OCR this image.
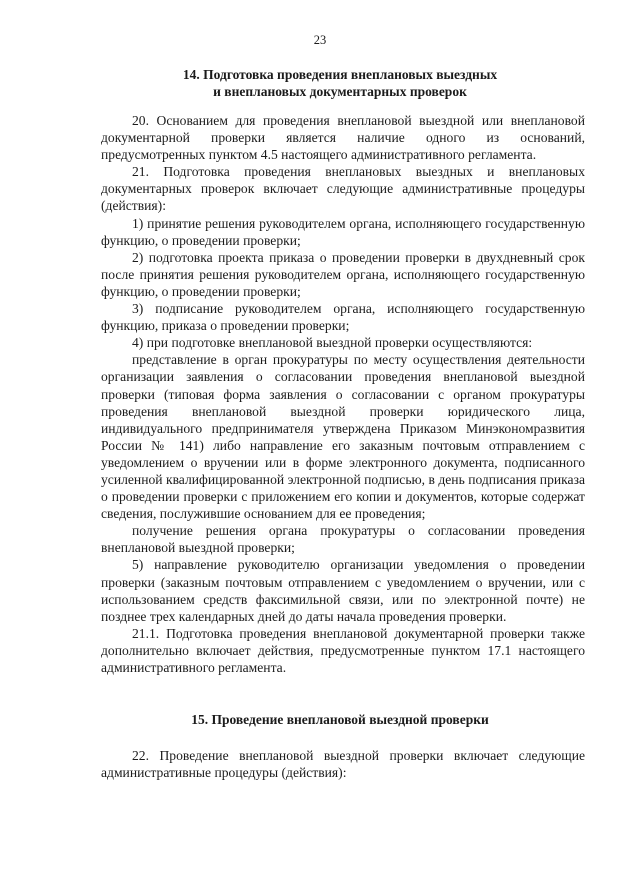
23
14. Подготовка проведения внеплановых выездных
и внеплановых документарных проверок

20. Основанием для проведения внеплановой выездной или внеплановой документарной проверки является наличие одного из оснований, предусмотренных пунктом 4.5 настоящего административного регламента.

21. Подготовка проведения внеплановых выездных и внеплановых документарных проверок включает следующие административные процедуры (действия):

1) принятие решения руководителем органа, исполняющего государственную функцию, о проведении проверки;

2) подготовка проекта приказа о проведении проверки в двухдневный срок после принятия решения руководителем органа, исполняющего государственную функцию, о проведении проверки;

3) подписание руководителем органа, исполняющего государственную функцию, приказа о проведении проверки;

4) при подготовке внеплановой выездной проверки осуществляются:

представление в орган прокуратуры по месту осуществления деятельности организации заявления о согласовании проведения внеплановой выездной проверки (типовая форма заявления о согласовании с органом прокуратуры проведения внеплановой выездной проверки юридического лица, индивидуального предпринимателя утверждена Приказом Минэкономразвития России № 141) либо направление его заказным почтовым отправлением с уведомлением о вручении или в форме электронного документа, подписанного усиленной квалифицированной электронной подписью, в день подписания приказа о проведении проверки с приложением его копии и документов, которые содержат сведения, послужившие основанием для ее проведения;

получение решения органа прокуратуры о согласовании проведения внеплановой выездной проверки;

5) направление руководителю организации уведомления о проведении проверки (заказным почтовым отправлением с уведомлением о вручении, или с использованием средств факсимильной связи, или по электронной почте) не позднее трех календарных дней до даты начала проведения проверки.

21.1. Подготовка проведения внеплановой документарной проверки также дополнительно включает действия, предусмотренные пунктом 17.1 настоящего административного регламента.

15. Проведение внеплановой выездной проверки

22. Проведение внеплановой выездной проверки включает следующие административные процедуры (действия):
